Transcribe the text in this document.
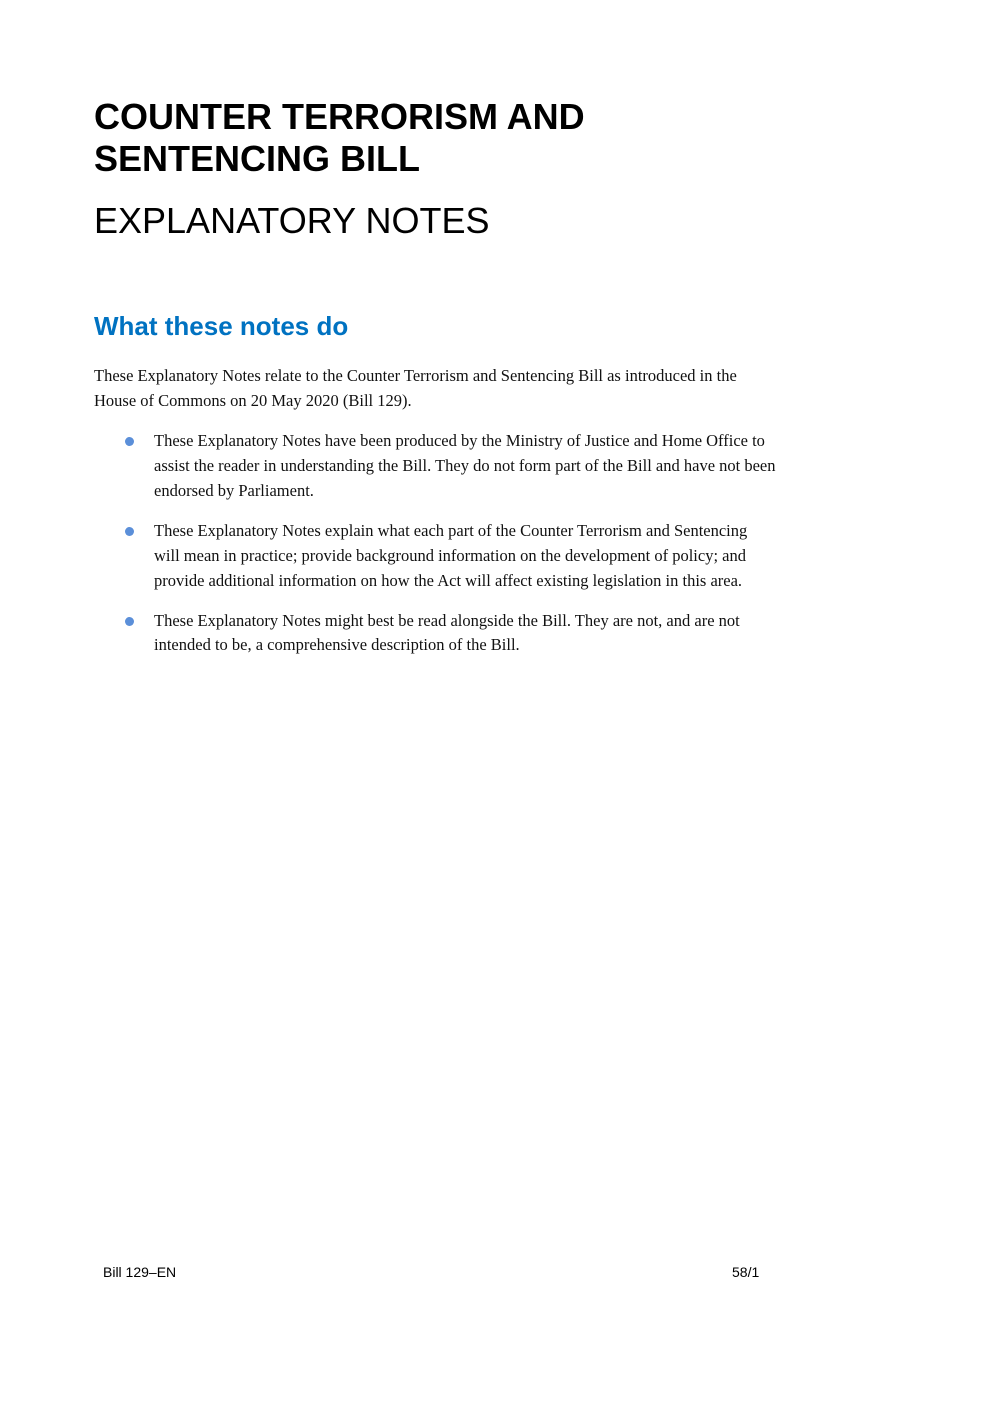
COUNTER TERRORISM AND
SENTENCING BILL
EXPLANATORY NOTES
What these notes do
These Explanatory Notes relate to the Counter Terrorism and Sentencing Bill as introduced in the
House of Commons on 20 May 2020 (Bill 129).
These Explanatory Notes have been produced by the Ministry of Justice and Home Office to
assist the reader in understanding the Bill. They do not form part of the Bill and have not been
endorsed by Parliament.
These Explanatory Notes explain what each part of the Counter Terrorism and Sentencing
will mean in practice; provide background information on the development of policy; and
provide additional information on how the Act will affect existing legislation in this area.
These Explanatory Notes might best be read alongside the Bill. They are not, and are not
intended to be, a comprehensive description of the Bill.
Bill 129–EN	58/1
